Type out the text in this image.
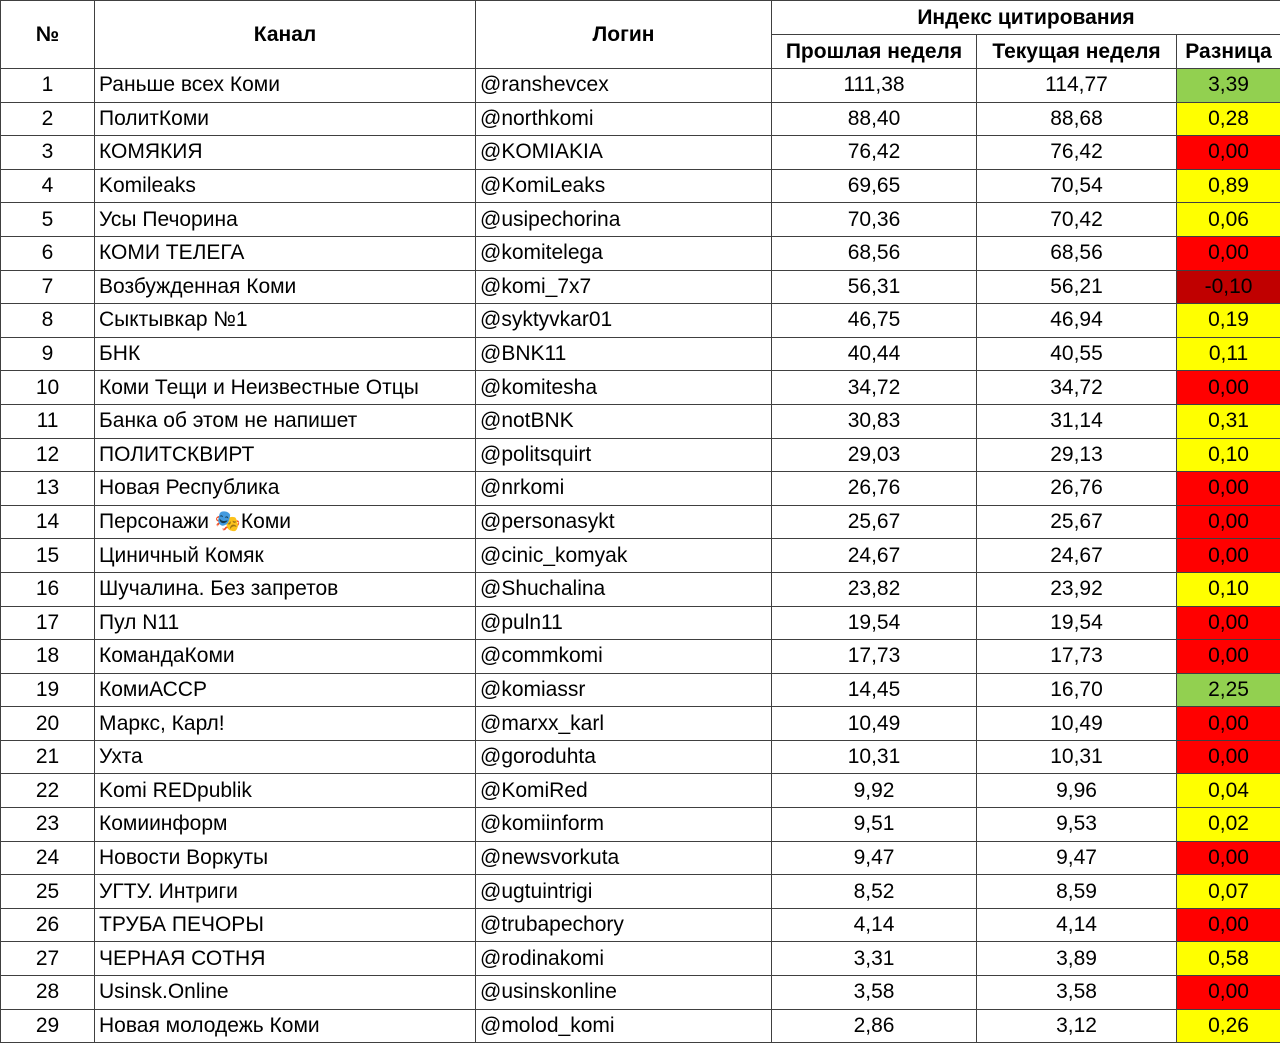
№	Канал	Логин	Индекс цитирования		
			Прошлая неделя	Текущая неделя	Разница
1	Раньше всех Коми	@ranshevcex	111,38	114,77	3,39
2	ПолитКоми	@northkomi	88,40	88,68	0,28
3	КОМЯКИЯ	@KOMIAKIA	76,42	76,42	0,00
4	Komileaks	@KomiLeaks	69,65	70,54	0,89
5	Усы Печорина	@usipechorina	70,36	70,42	0,06
6	КОМИ ТЕЛЕГА	@komitelega	68,56	68,56	0,00
7	Возбужденная Коми	@komi_7x7	56,31	56,21	-0,10
8	Сыктывкар №1	@syktyvkar01	46,75	46,94	0,19
9	БНК	@BNK11	40,44	40,55	0,11
10	Коми Тещи и Неизвестные Отцы	@komitesha	34,72	34,72	0,00
11	Банка об этом не напишет	@notBNK	30,83	31,14	0,31
12	ПОЛИТСКВИРТ	@politsquirt	29,03	29,13	0,10
13	Новая Республика	@nrkomi	26,76	26,76	0,00
14	Персонажи 🎭Коми	@personasykt	25,67	25,67	0,00
15	Циничный Комяк	@cinic_komyak	24,67	24,67	0,00
16	Шучалина. Без запретов	@Shuchalina	23,82	23,92	0,10
17	Пул N11	@puln11	19,54	19,54	0,00
18	КомандаКоми	@commkomi	17,73	17,73	0,00
19	КомиАССР	@komiassr	14,45	16,70	2,25
20	Маркс, Карл!	@marxx_karl	10,49	10,49	0,00
21	Ухта	@goroduhta	10,31	10,31	0,00
22	Komi REDpublik	@KomiRed	9,92	9,96	0,04
23	Комиинформ	@komiinform	9,51	9,53	0,02
24	Новости Воркуты	@newsvorkuta	9,47	9,47	0,00
25	УГТУ. Интриги	@ugtuintrigi	8,52	8,59	0,07
26	ТРУБА ПЕЧОРЫ	@trubapechory	4,14	4,14	0,00
27	ЧЕРНАЯ СОТНЯ	@rodinakomi	3,31	3,89	0,58
28	Usinsk.Online	@usinskonline	3,58	3,58	0,00
29	Новая молодежь Коми	@molod_komi	2,86	3,12	0,26
